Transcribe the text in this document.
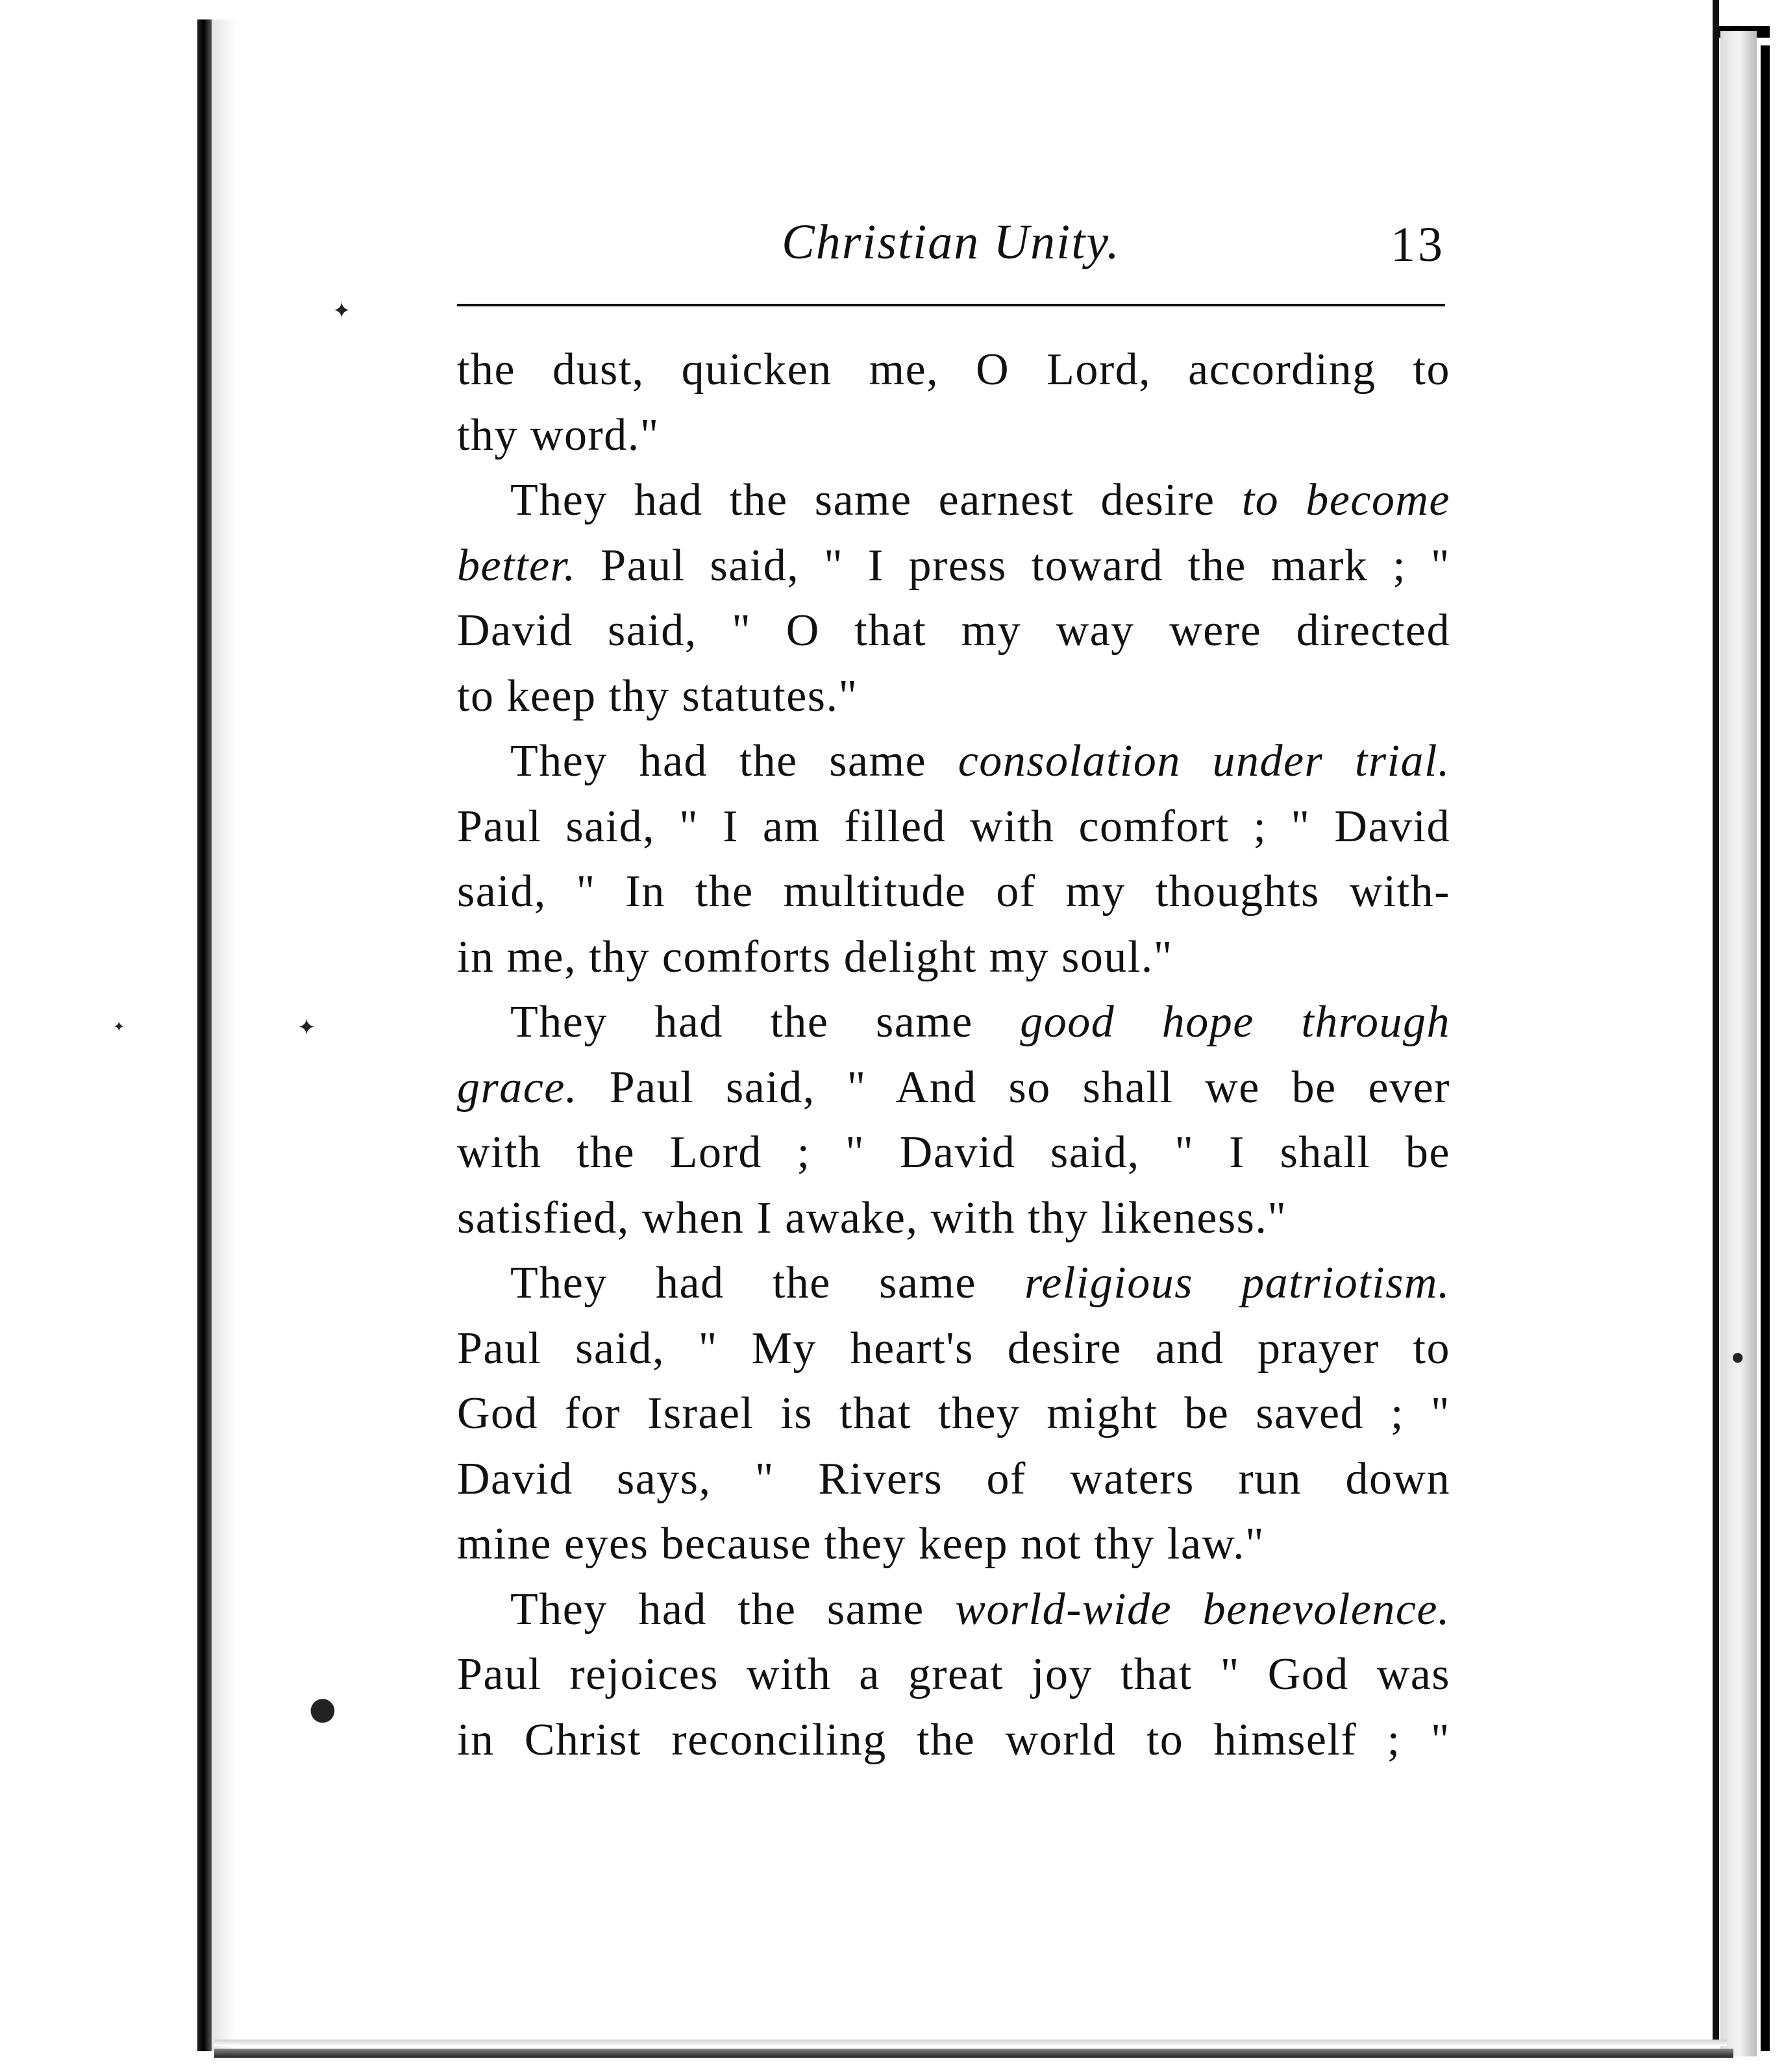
✦
✦	✦
●
●
Christian Unity.	13
the dust, quicken me, O Lord, according to
thy word."
They had the same earnest desire to become
better. Paul said, " I press toward the mark ; "
David said, " O that my way were directed
to keep thy statutes."
They had the same consolation under trial.
Paul said, " I am filled with comfort ; " David
said, " In the multitude of my thoughts with-
in me, thy comforts delight my soul."
They had the same good hope through
grace. Paul said, " And so shall we be ever
with the Lord ; " David said, " I shall be
satisfied, when I awake, with thy likeness."
They had the same religious patriotism.
Paul said, " My heart's desire and prayer to
God for Israel is that they might be saved ; "
David says, " Rivers of waters run down
mine eyes because they keep not thy law."
They had the same world-wide benevolence.
Paul rejoices with a great joy that " God was
in Christ reconciling the world to himself ; "
